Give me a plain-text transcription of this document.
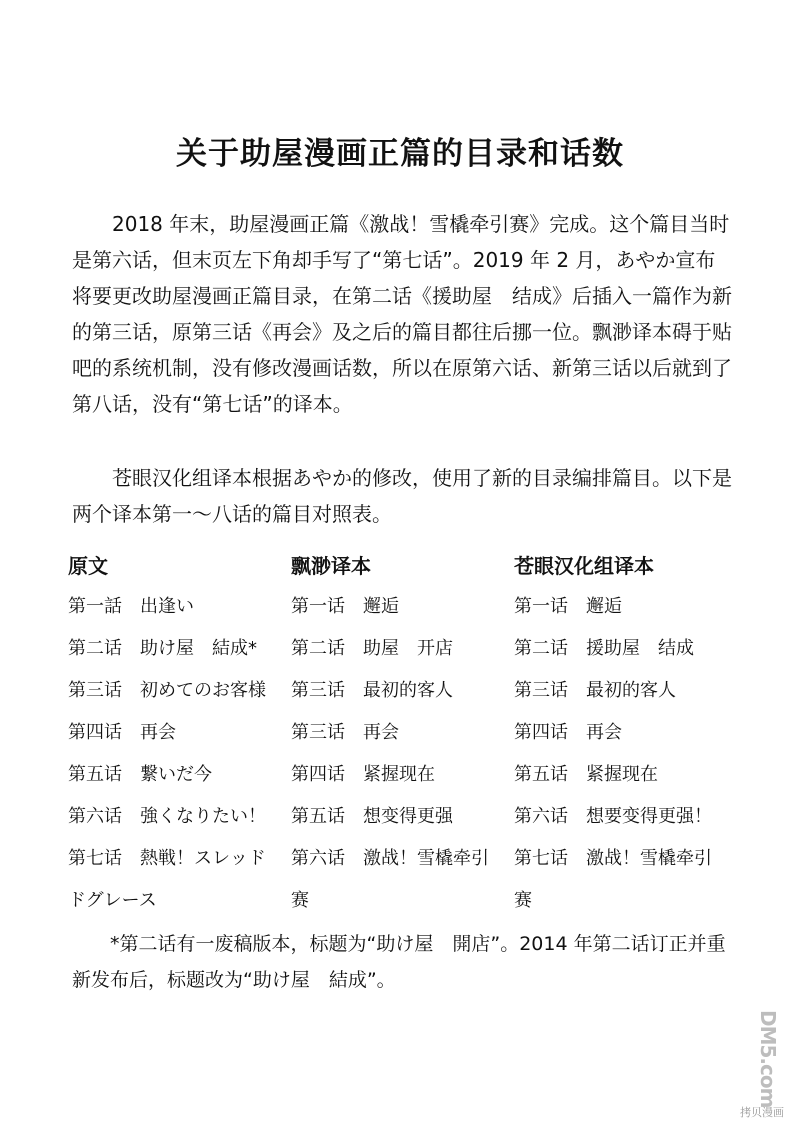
关于助屋漫画正篇的目录和话数

　　2018 年末，助屋漫画正篇《激战！雪橇牵引赛》完成。这个篇目当时是第六话，但末页左下角却手写了“第七话”。2019 年 2 月，あやか宣布将要更改助屋漫画正篇目录，在第二话《援助屋　结成》后插入一篇作为新的第三话，原第三话《再会》及之后的篇目都往后挪一位。飘渺译本碍于贴吧的系统机制，没有修改漫画话数，所以在原第六话、新第三话以后就到了第八话，没有“第七话”的译本。

　　苍眼汉化组译本根据あやか的修改，使用了新的目录编排篇目。以下是两个译本第一～八话的篇目对照表。

原文	飘渺译本	苍眼汉化组译本
第一話　出逢い	第一话　邂逅	第一话　邂逅
第二话　助け屋　結成*	第二话　助屋　开店	第二话　援助屋　结成
第三话　初めてのお客様	第三话　最初的客人	第三话　最初的客人
第四话　再会	第三话　再会	第四话　再会
第五话　繋いだ今	第四话　紧握现在	第五话　紧握现在
第六话　強くなりたい！	第五话　想变得更强	第六话　想要变得更强！
第七话　熱戦！スレッド	第六话　激战！雪橇牵引	第七话　激战！雪橇牵引
ドグレース	赛	赛

　　*第二话有一废稿版本，标题为“助け屋　開店”。2014 年第二话订正并重新发布后，标题改为“助け屋　結成”。

DM5.com
拷贝漫画
